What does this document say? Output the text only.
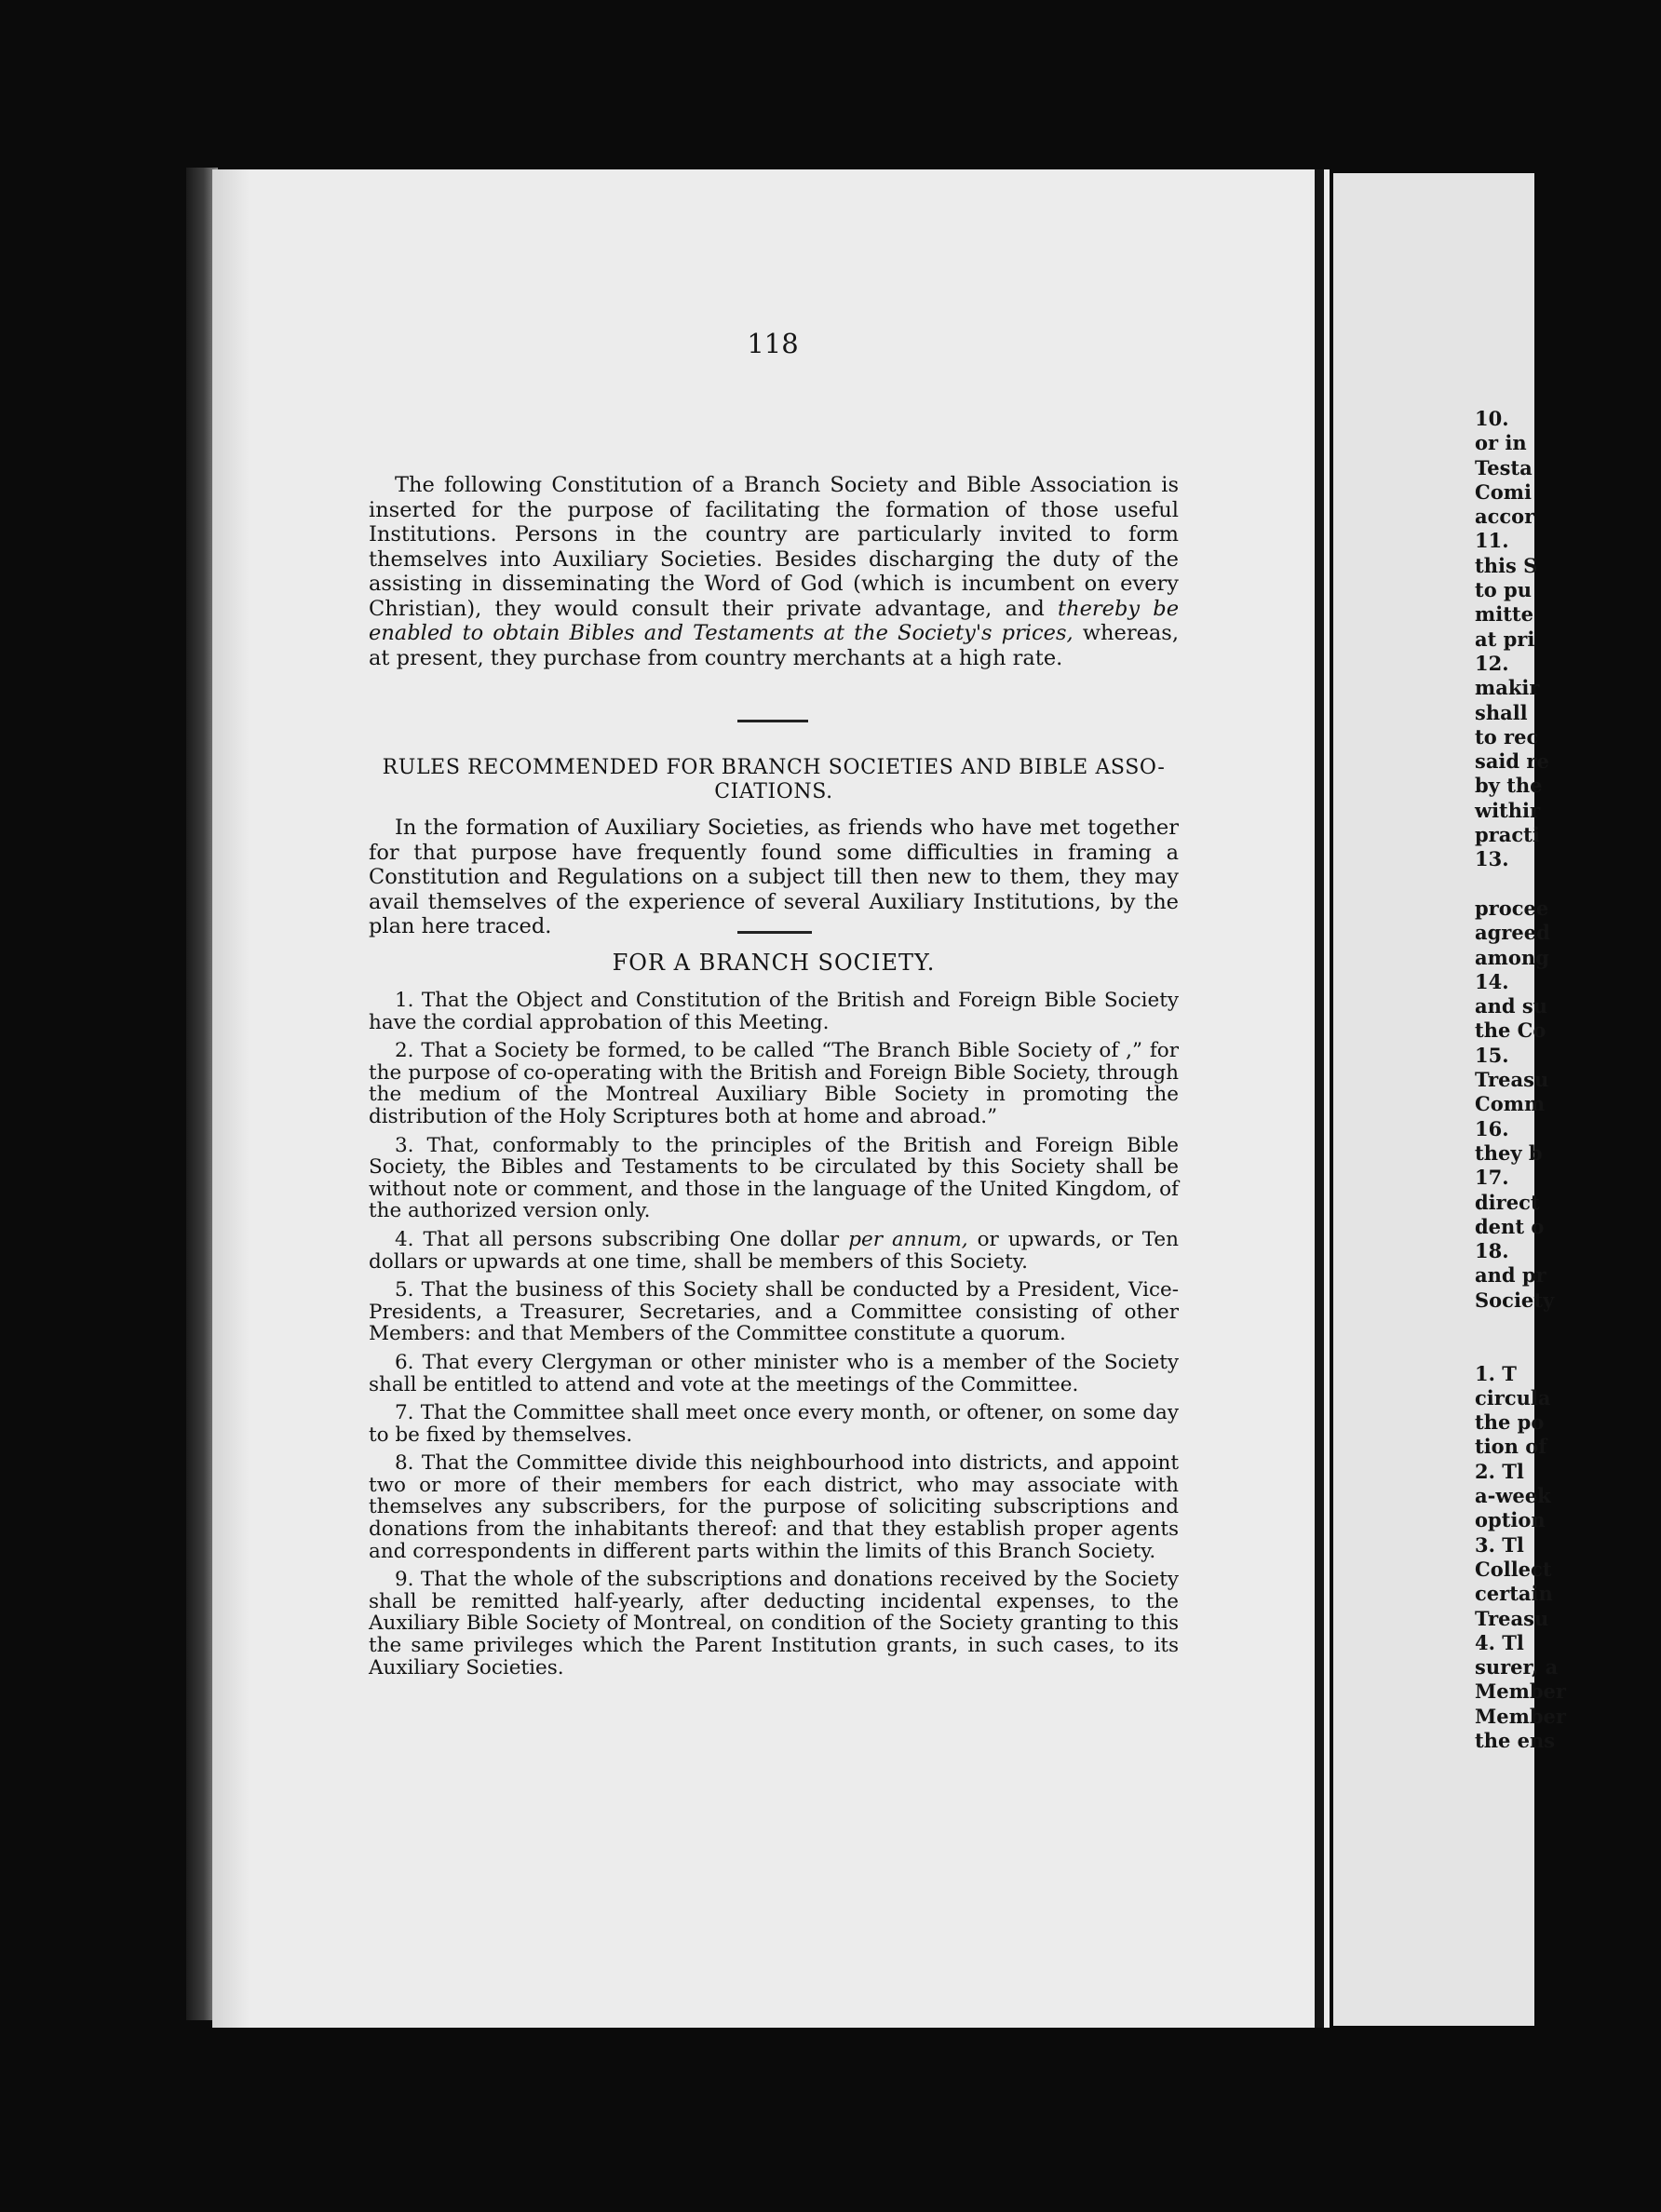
118

The following Constitution of a Branch Society and Bible Association is inserted for the purpose of facilitating the formation of those useful Institutions. Persons in the country are particularly invited to form themselves into Auxiliary Societies. Besides discharging the duty of the assisting in disseminating the Word of God (which is incumbent on every Christian), they would consult their private advantage, and thereby be enabled to obtain Bibles and Testaments at the Society's prices, whereas, at present, they purchase from country merchants at a high rate.

RULES RECOMMENDED FOR BRANCH SOCIETIES AND BIBLE ASSO-
CIATIONS.

In the formation of Auxiliary Societies, as friends who have met together for that purpose have frequently found some difficulties in framing a Constitution and Regulations on a subject till then new to them, they may avail themselves of the experience of several Auxiliary Institutions, by the plan here traced.

FOR A BRANCH SOCIETY.
1. That the Object and Constitution of the British and Foreign Bible Society have the cordial approbation of this Meeting.
2. That a Society be formed, to be called “The Branch Bible Society of ,” for the purpose of co-operating with the British and Foreign Bible Society, through the medium of the Montreal Auxiliary Bible Society in promoting the distribution of the Holy Scriptures both at home and abroad.”
3. That, conformably to the principles of the British and Foreign Bible Society, the Bibles and Testaments to be circulated by this Society shall be without note or comment, and those in the language of the United Kingdom, of the authorized version only.
4. That all persons subscribing One dollar per annum, or upwards, or Ten dollars or upwards at one time, shall be members of this Society.
5. That the business of this Society shall be conducted by a President, Vice-Presidents, a Treasurer, Secretaries, and a Committee consisting of other Members: and that Members of the Committee constitute a quorum.
6. That every Clergyman or other minister who is a member of the Society shall be entitled to attend and vote at the meetings of the Committee.
7. That the Committee shall meet once every month, or oftener, on some day to be fixed by themselves.
8. That the Committee divide this neighbourhood into districts, and appoint two or more of their members for each district, who may associate with themselves any subscribers, for the purpose of soliciting subscriptions and donations from the inhabitants thereof: and that they establish proper agents and correspondents in different parts within the limits of this Branch Society.
9. That the whole of the subscriptions and donations received by the Society shall be remitted half-yearly, after deducting incidental expenses, to the Auxiliary Bible Society of Montreal, on condition of the Society granting to this the same privileges which the Parent Institution grants, in such cases, to its Auxiliary Societies.
10.
or in
Testa
Comi
accor
11.
this S
to pu
mitte
at pri
12.
makir
shall
to rec
said re
by the
withir
practi
13.

procee
agreed
among
14.
and su
the Co
15.
Treasu
Comm
16.
they b
17.
direct
dent o
18.
and pr
Society

1. T
circula
the po
tion of
2. Tl
a-week
option
3. Tl
Collect
certain
Treasu
4. Tl
surer, a
Member
Member
the ens
